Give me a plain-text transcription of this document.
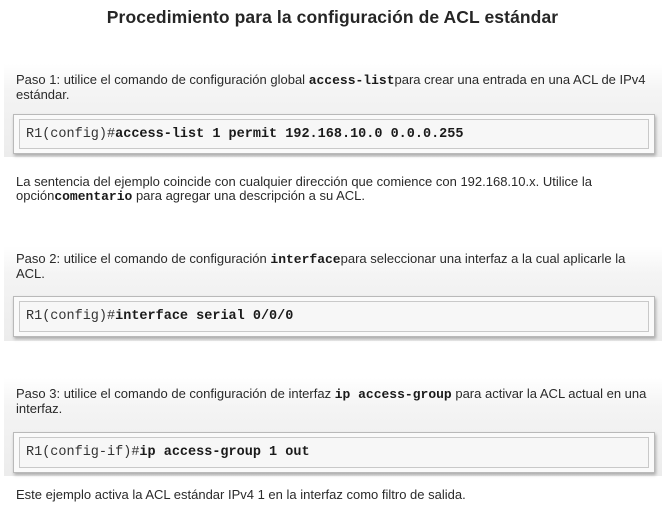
Procedimiento para la configuración de ACL estándar
Paso 1: utilice el comando de configuración global access-listpara crear una entrada en una ACL de IPv4 estándar.
R1(config)# access-list 1 permit 192.168.10.0 0.0.0.255
La sentencia del ejemplo coincide con cualquier dirección que comience con 192.168.10.x. Utilice la opcióncomentario para agregar una descripción a su ACL.
Paso 2: utilice el comando de configuración interfacepara seleccionar una interfaz a la cual aplicarle la ACL.
R1(config)# interface serial 0/0/0
Paso 3: utilice el comando de configuración de interfaz ip access-group para activar la ACL actual en una interfaz.
R1(config-if)# ip access-group 1 out
Este ejemplo activa la ACL estándar IPv4 1 en la interfaz como filtro de salida.
